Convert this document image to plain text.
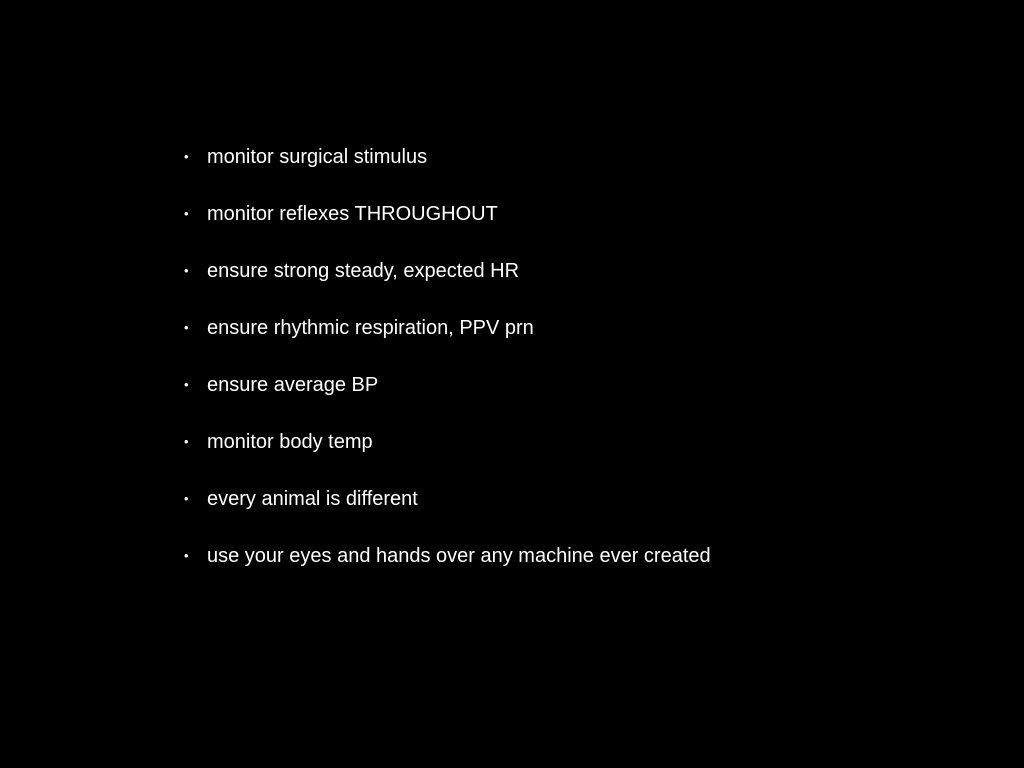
• monitor surgical stimulus
• monitor reflexes THROUGHOUT
• ensure strong steady, expected HR
• ensure rhythmic respiration, PPV prn
• ensure average BP
• monitor body temp
• every animal is different
• use your eyes and hands over any machine ever created
